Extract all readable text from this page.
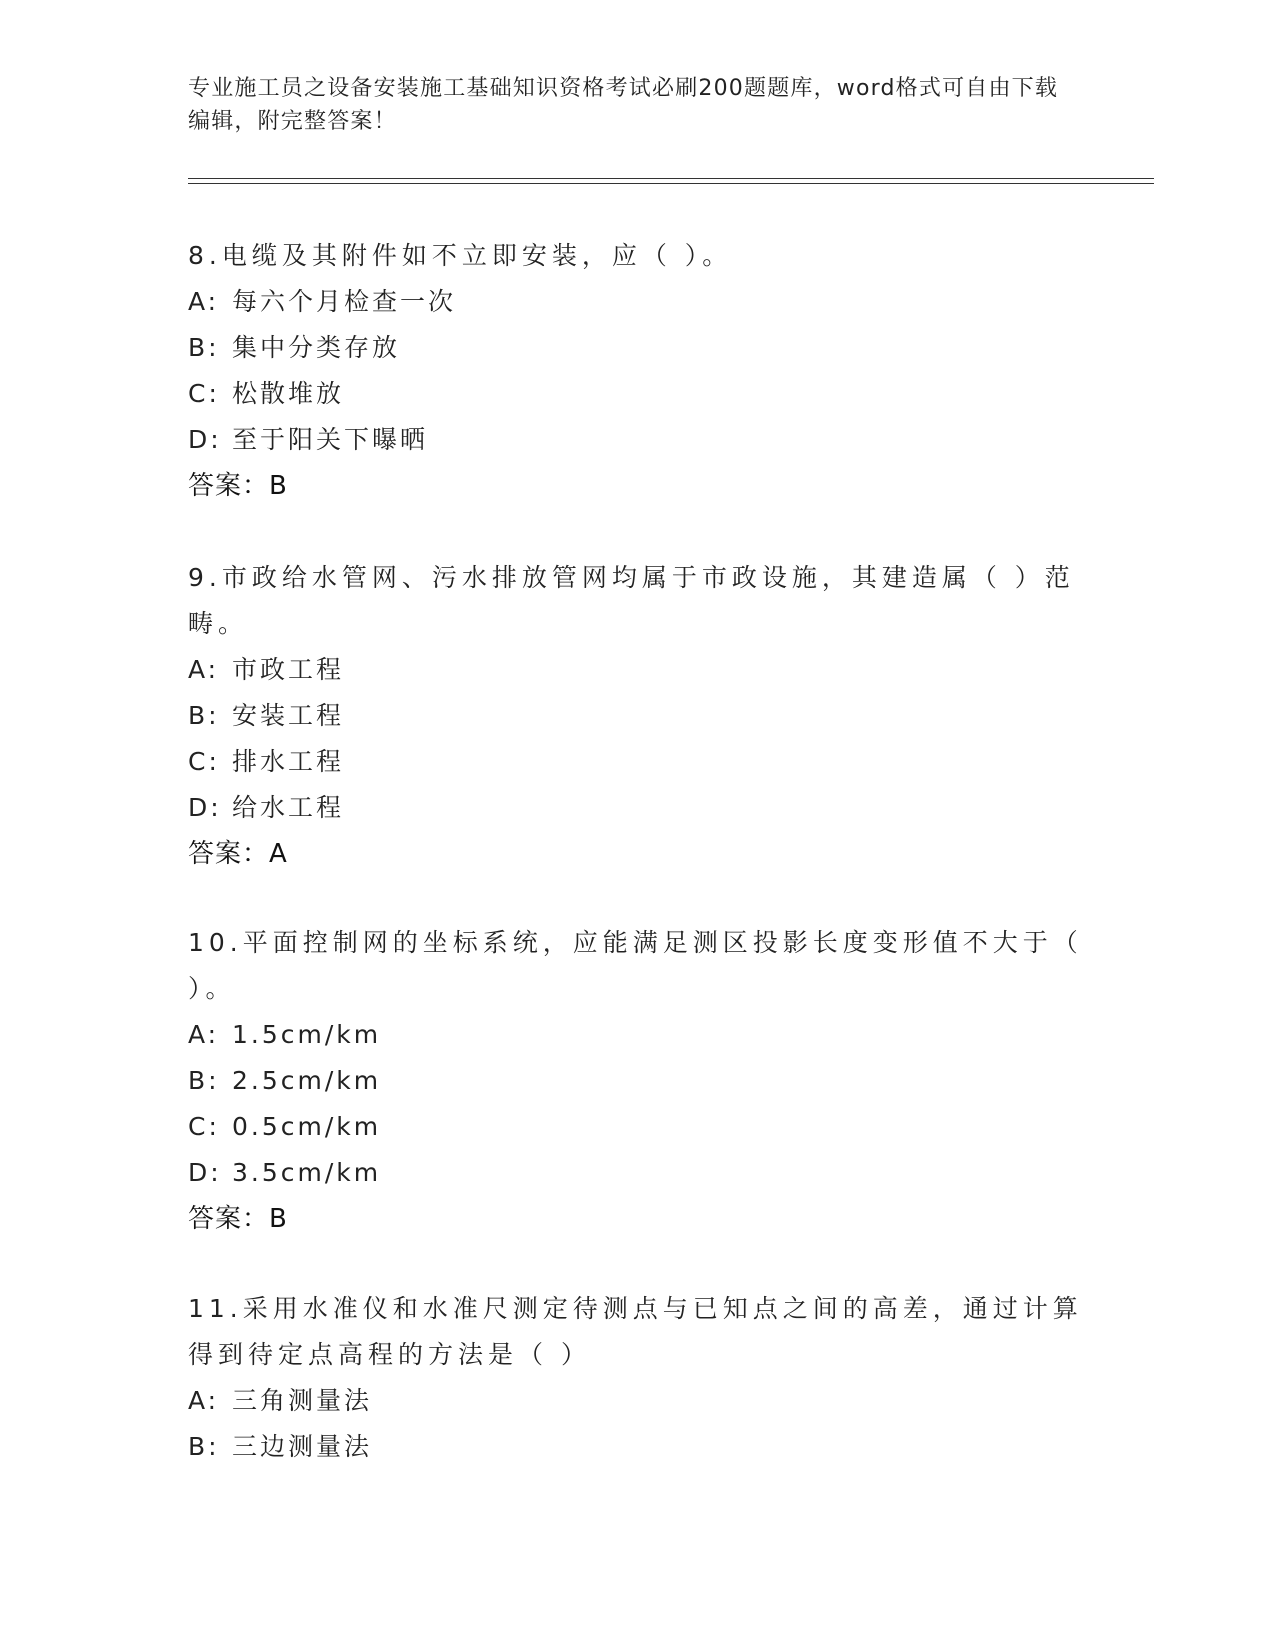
专业施工员之设备安装施工基础知识资格考试必刷200题题库，word格式可自由下载编辑，附完整答案！
8.电缆及其附件如不立即安装，应（ ）。
A: 每六个月检查一次
B: 集中分类存放
C: 松散堆放
D: 至于阳关下曝晒
答案：B
9.市政给水管网、污水排放管网均属于市政设施，其建造属（ ）范畴。
A: 市政工程
B: 安装工程
C: 排水工程
D: 给水工程
答案：A
10.平面控制网的坐标系统，应能满足测区投影长度变形值不大于（ ）。
A: 1.5cm/km
B: 2.5cm/km
C: 0.5cm/km
D: 3.5cm/km
答案：B
11.采用水准仪和水准尺测定待测点与已知点之间的高差，通过计算得到待定点高程的方法是（ ）
A: 三角测量法
B: 三边测量法
